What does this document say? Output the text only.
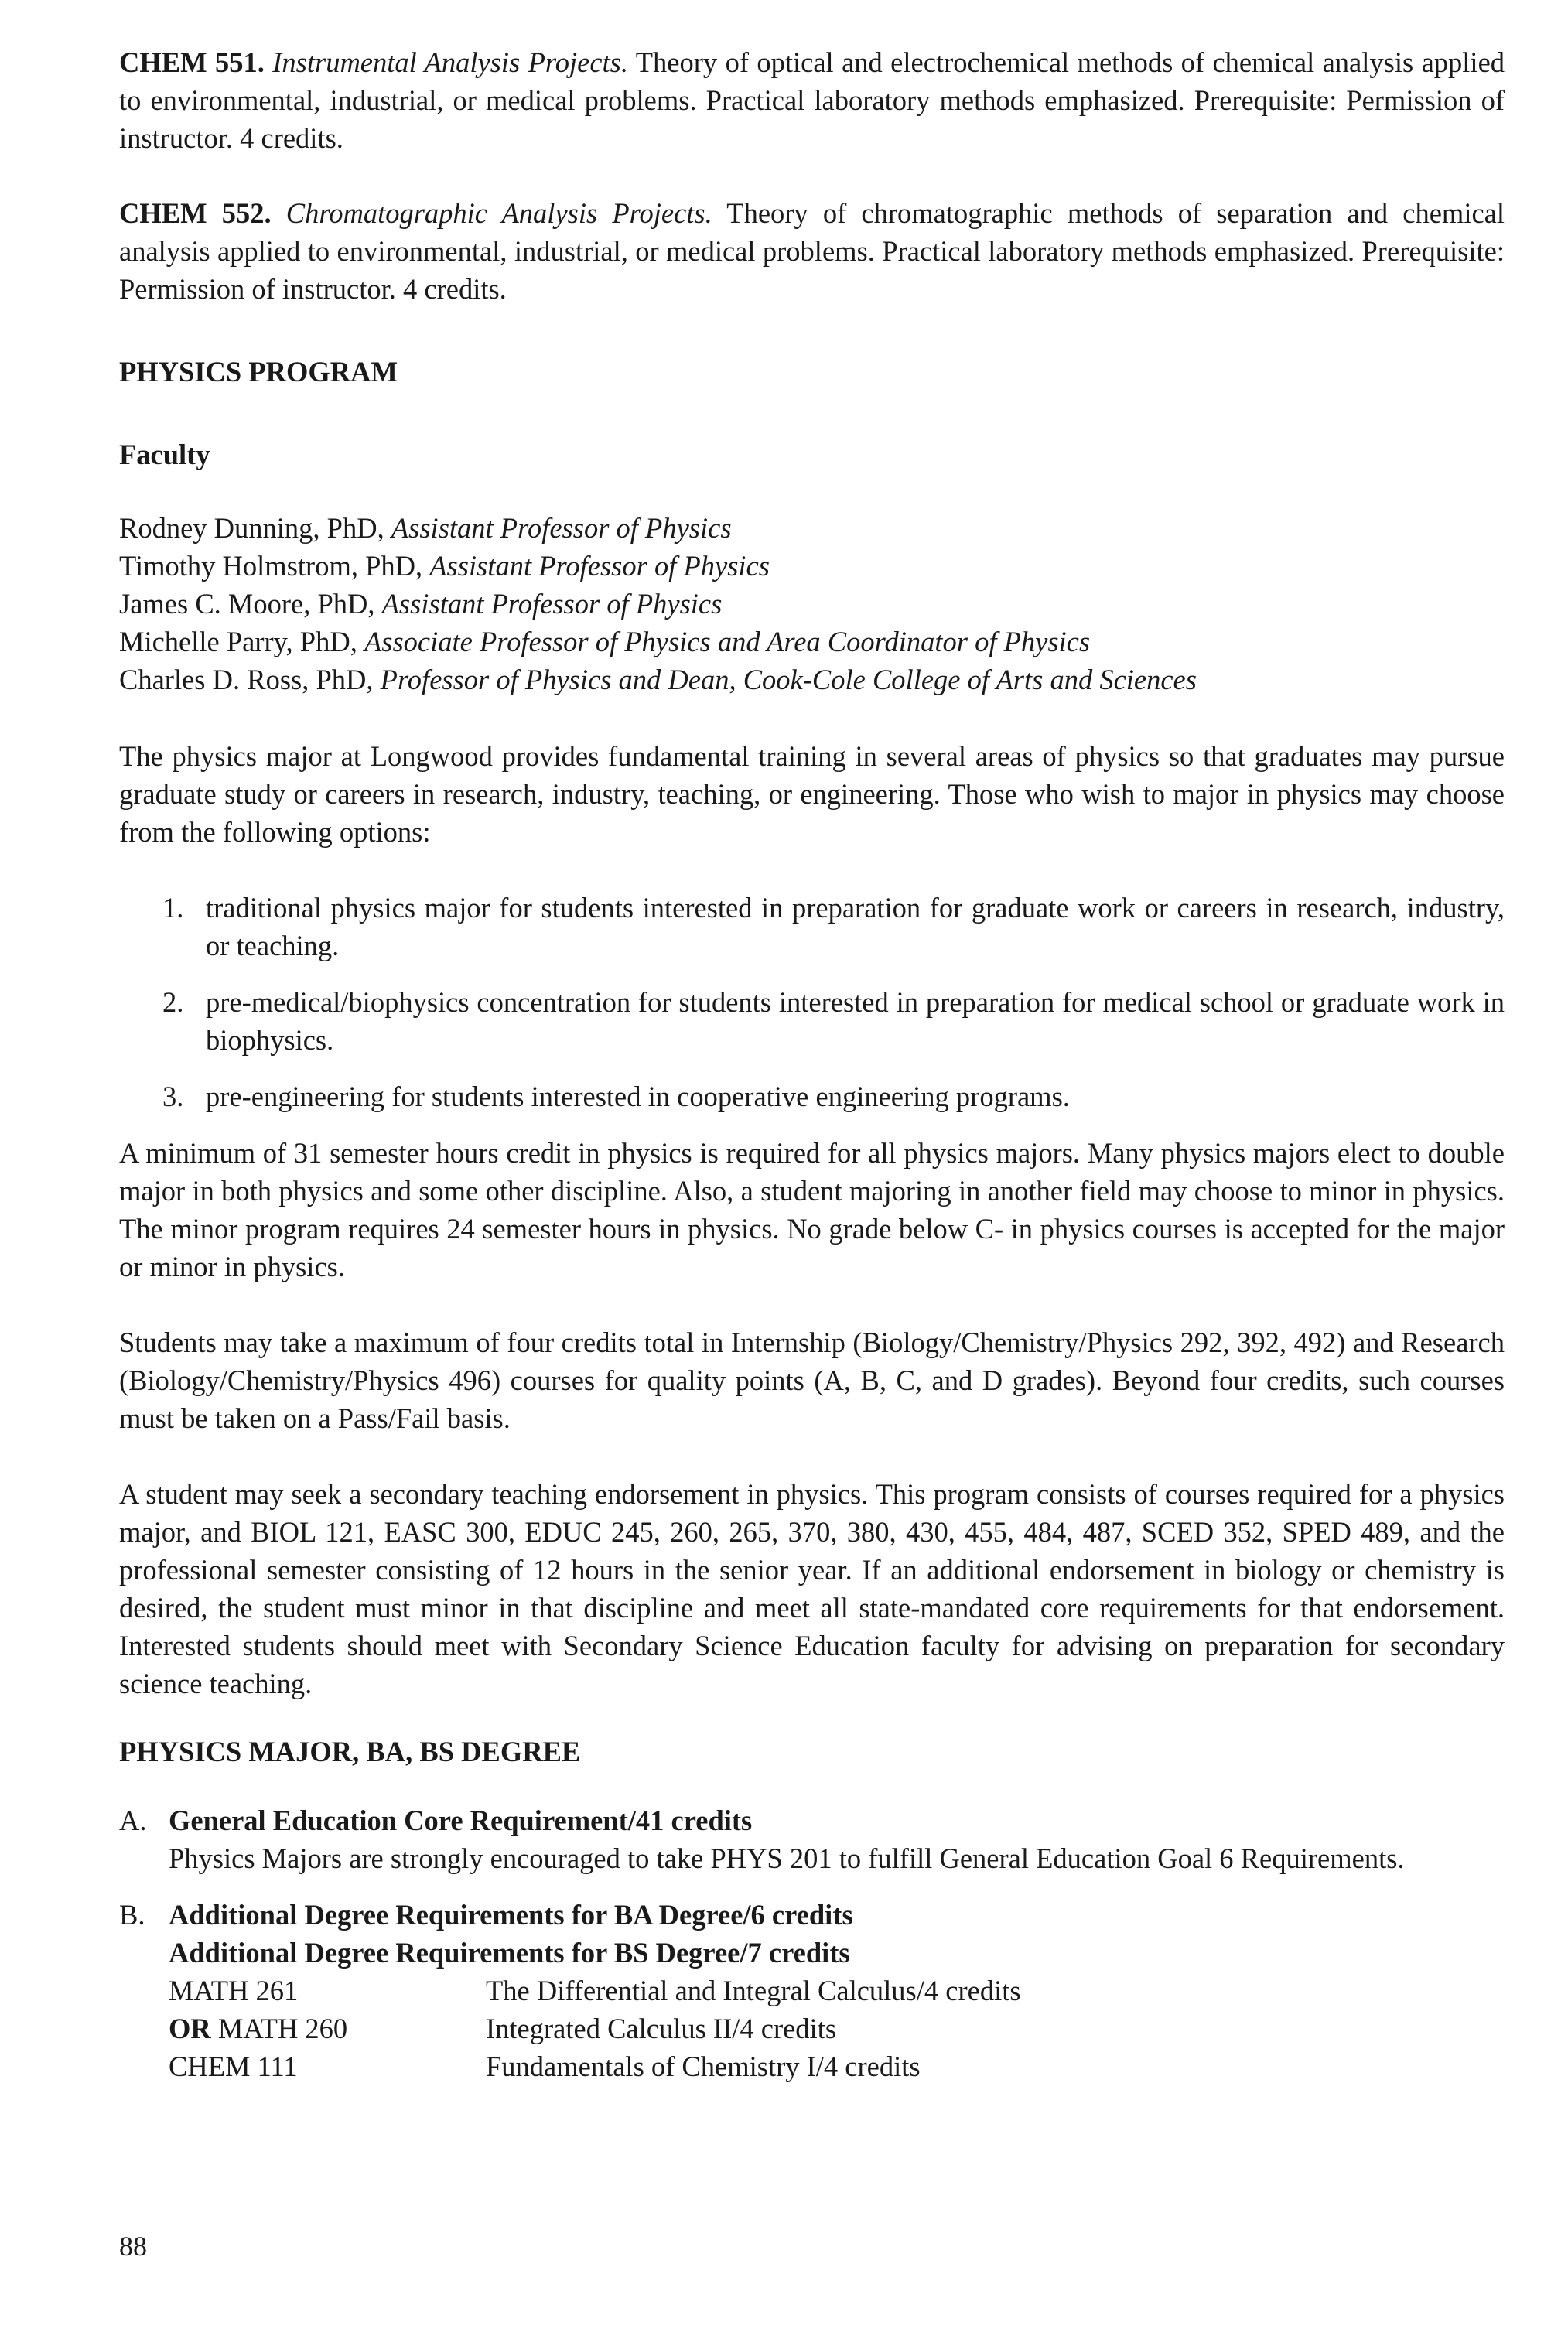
CHEM 551. Instrumental Analysis Projects. Theory of optical and electrochemical methods of chemical analysis applied to environmental, industrial, or medical problems. Practical laboratory methods emphasized. Prerequisite: Permission of instructor. 4 credits.

CHEM 552. Chromatographic Analysis Projects. Theory of chromatographic methods of separation and chemical analysis applied to environmental, industrial, or medical problems. Practical laboratory methods emphasized. Prerequisite: Permission of instructor. 4 credits.

PHYSICS PROGRAM

Faculty

Rodney Dunning, PhD, Assistant Professor of Physics
Timothy Holmstrom, PhD, Assistant Professor of Physics
James C. Moore, PhD, Assistant Professor of Physics
Michelle Parry, PhD, Associate Professor of Physics and Area Coordinator of Physics
Charles D. Ross, PhD, Professor of Physics and Dean, Cook-Cole College of Arts and Sciences

The physics major at Longwood provides fundamental training in several areas of physics so that graduates may pursue graduate study or careers in research, industry, teaching, or engineering. Those who wish to major in physics may choose from the following options:

1. traditional physics major for students interested in preparation for graduate work or careers in research, industry, or teaching.
2. pre-medical/biophysics concentration for students interested in preparation for medical school or graduate work in biophysics.
3. pre-engineering for students interested in cooperative engineering programs.

A minimum of 31 semester hours credit in physics is required for all physics majors. Many physics majors elect to double major in both physics and some other discipline. Also, a student majoring in another field may choose to minor in physics. The minor program requires 24 semester hours in physics. No grade below C- in physics courses is accepted for the major or minor in physics.

Students may take a maximum of four credits total in Internship (Biology/Chemistry/Physics 292, 392, 492) and Research (Biology/Chemistry/Physics 496) courses for quality points (A, B, C, and D grades). Beyond four credits, such courses must be taken on a Pass/Fail basis.

A student may seek a secondary teaching endorsement in physics. This program consists of courses required for a physics major, and BIOL 121, EASC 300, EDUC 245, 260, 265, 370, 380, 430, 455, 484, 487, SCED 352, SPED 489, and the professional semester consisting of 12 hours in the senior year. If an additional endorsement in biology or chemistry is desired, the student must minor in that discipline and meet all state-mandated core requirements for that endorsement. Interested students should meet with Secondary Science Education faculty for advising on preparation for secondary science teaching.

PHYSICS MAJOR, BA, BS DEGREE

A. General Education Core Requirement/41 credits
Physics Majors are strongly encouraged to take PHYS 201 to fulfill General Education Goal 6 Requirements.
B. Additional Degree Requirements for BA Degree/6 credits
Additional Degree Requirements for BS Degree/7 credits
MATH 261	The Differential and Integral Calculus/4 credits
OR MATH 260	Integrated Calculus II/4 credits
CHEM 111	Fundamentals of Chemistry I/4 credits
88
